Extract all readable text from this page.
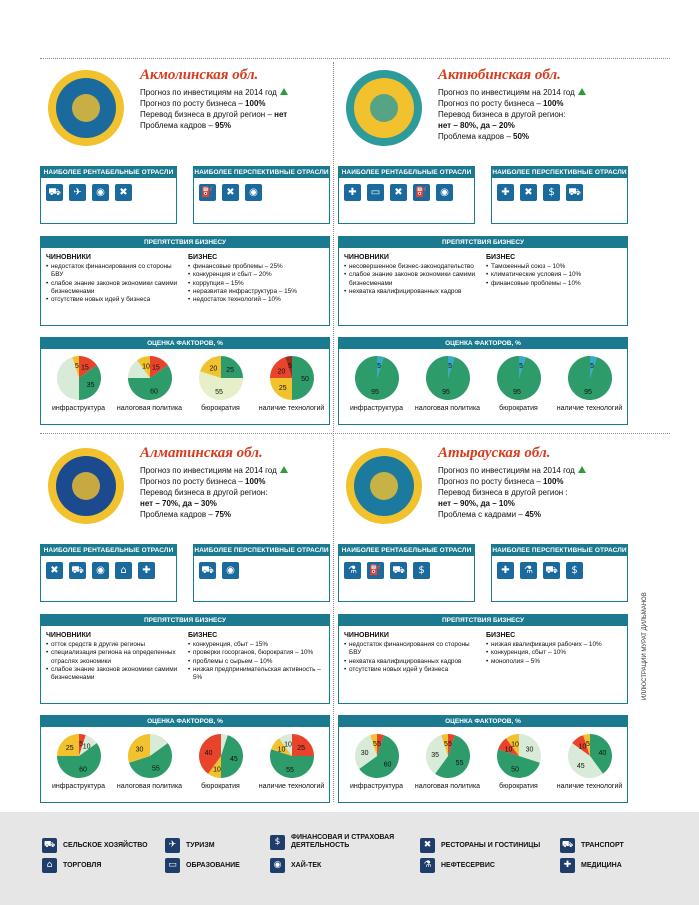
Акмолинская обл.
Прогноз по инвестициям на 2014 год
Прогноз по росту бизнеса – 100%
Перевод бизнеса в другой регион – нет
Проблема кадров – 95%
НАИБОЛЕЕ РЕНТАБЕЛЬНЫЕ ОТРАСЛИ
⛟	✈	◉	✖
НАИБОЛЕЕ ПЕРСПЕКТИВНЫЕ ОТРАСЛИ
⛽	✖	◉
ПРЕПЯТСТВИЯ БИЗНЕСУ
ЧИНОВНИКИ
• недостаток финансирования со стороны БВУ
• слабое знание законов экономики самими бизнесменами
• отсутствие новых идей у бизнеса
БИЗНЕС
• финансовые проблемы – 25%
• конкуренция и сбыт – 20%
• коррупция – 15%
• неразвитая инфраструктура – 15%
• недостаток технологий – 10%
ОЦЕНКА ФАКТОРОВ, %
15
35
5
инфраструктура
15
60
10
налоговая политика
25
55
20
бюрократия
50
25
20
5
наличие технологий
Актюбинская обл.
Прогноз по инвестициям на 2014 год
Прогноз по росту бизнеса – 100%
Перевод бизнеса в другой регион:
нет – 80%, да – 20%
Проблема кадров – 50%
НАИБОЛЕЕ РЕНТАБЕЛЬНЫЕ ОТРАСЛИ
✚	▭	✖	⛽	◉
НАИБОЛЕЕ ПЕРСПЕКТИВНЫЕ ОТРАСЛИ
✚	✖	$	⛟
ПРЕПЯТСТВИЯ БИЗНЕСУ
ЧИНОВНИКИ
• несовершенное бизнес-законодательство
• слабое знание законов экономики самими бизнесменами
• нехватка квалифицированных кадров
БИЗНЕС
• Таможенный союз – 10%
• климатические условия – 10%
• финансовые проблемы – 10%
ОЦЕНКА ФАКТОРОВ, %
5
95
инфраструктура
5
95
налоговая политика
5
95
бюрократия
5
95
наличие технологий
Алматинская обл.
Прогноз по инвестициям на 2014 год
Прогноз по росту бизнеса – 100%
Перевод бизнеса в другой регион:
нет – 70%, да – 30%
Проблема кадров – 75%
НАИБОЛЕЕ РЕНТАБЕЛЬНЫЕ ОТРАСЛИ
✖	⛟	◉	⌂	✚
НАИБОЛЕЕ ПЕРСПЕКТИВНЫЕ ОТРАСЛИ
⛟	◉
ПРЕПЯТСТВИЯ БИЗНЕСУ
ЧИНОВНИКИ
• отток средств в другие регионы
• специализация региона на определенных отраслях экономики
• слабое знание законов экономики самими бизнесменами
БИЗНЕС
• конкуренция, сбыт – 15%
• проверки госорганов, бюрократия – 10%
• проблемы с сырьем – 10%
• низкая предпринимательская активность – 5%
ОЦЕНКА ФАКТОРОВ, %
5 10
60
25
инфраструктура
55
30
налоговая политика
45
10
40
бюрократия
25
55
10
10
наличие технологий
Атырауская обл.
Прогноз по инвестициям на 2014 год
Прогноз по росту бизнеса – 100%
Перевод бизнеса в другой регион :
нет – 90%, да – 10%
Проблема с кадрами – 45%
НАИБОЛЕЕ РЕНТАБЕЛЬНЫЕ ОТРАСЛИ
⚗	⛽ ⛟	$
НАИБОЛЕЕ ПЕРСПЕКТИВНЫЕ ОТРАСЛИ
✚	⚗	⛟	$
ПРЕПЯТСТВИЯ БИЗНЕСУ
ЧИНОВНИКИ
• недостаток финансирования со стороны БВУ
• нехватка квалифицированных кадров
• отсутствие новых идей у бизнеса
БИЗНЕС
• низкая квалификация рабочих – 10%
• конкуренция, сбыт – 10%
• монополия – 5%
ОЦЕНКА ФАКТОРОВ, %
5
60
30
5
инфраструктура
5
55
35
5
налоговая политика
30
50
10
10
бюрократия
40
45
10 5
наличие технологий
⛟ СЕЛЬСКОЕ ХОЗЯЙСТВО	✈	ТУРИЗМ	$	ФИНАНСОВАЯ И СТРАХОВАЯ ДЕЯТЕЛЬНОСТЬ	✖	РЕСТОРАНЫ И ГОСТИНИЦЫ ⛟ ТРАНСПОРТ
⌂	ТОРГОВЛЯ	▭	ОБРАЗОВАНИЕ	◉	ХАЙ-ТЕК	⚗	НЕФТЕСЕРВИС	✚	МЕДИЦИНА
ИЛЛЮСТРАЦИИ МУРАТ ДИЛЬМАНОВ
